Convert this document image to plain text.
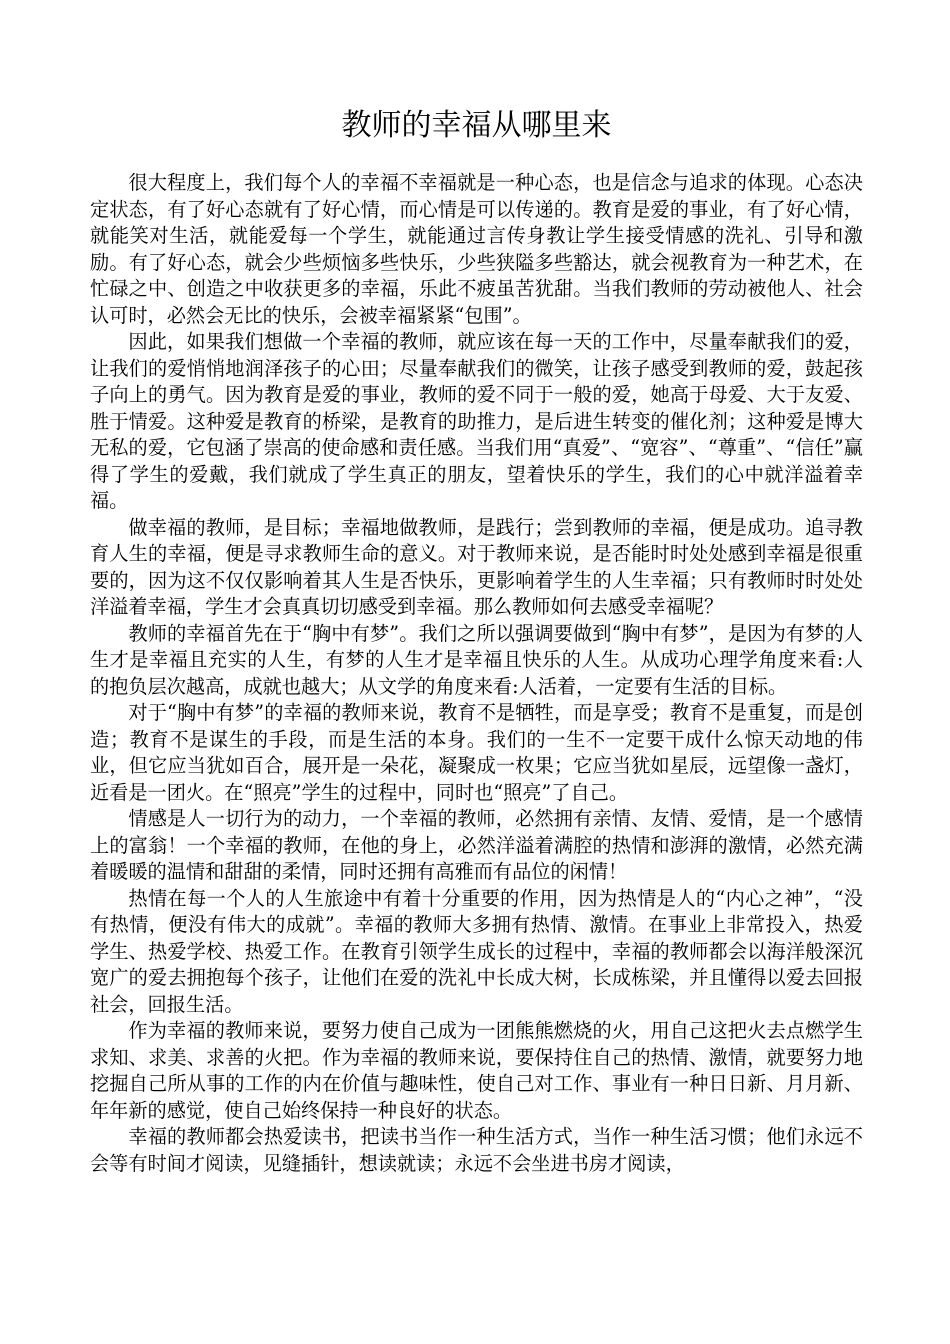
教师的幸福从哪里来

很大程度上，我们每个人的幸福不幸福就是一种心态，也是信念与追求的体现。心态决定状态，有了好心态就有了好心情，而心情是可以传递的。教育是爱的事业，有了好心情，就能笑对生活，就能爱每一个学生，就能通过言传身教让学生接受情感的洗礼、引导和激励。有了好心态，就会少些烦恼多些快乐，少些狭隘多些豁达，就会视教育为一种艺术，在忙碌之中、创造之中收获更多的幸福，乐此不疲虽苦犹甜。当我们教师的劳动被他人、社会认可时，必然会无比的快乐，会被幸福紧紧“包围”。

因此，如果我们想做一个幸福的教师，就应该在每一天的工作中，尽量奉献我们的爱，让我们的爱悄悄地润泽孩子的心田；尽量奉献我们的微笑，让孩子感受到教师的爱，鼓起孩子向上的勇气。因为教育是爱的事业，教师的爱不同于一般的爱，她高于母爱、大于友爱、胜于情爱。这种爱是教育的桥梁，是教育的助推力，是后进生转变的催化剂；这种爱是博大无私的爱，它包涵了崇高的使命感和责任感。当我们用“真爱”、“宽容”、“尊重”、“信任”赢得了学生的爱戴，我们就成了学生真正的朋友，望着快乐的学生，我们的心中就洋溢着幸福。

做幸福的教师，是目标；幸福地做教师，是践行；尝到教师的幸福，便是成功。追寻教育人生的幸福，便是寻求教师生命的意义。对于教师来说，是否能时时处处感到幸福是很重要的，因为这不仅仅影响着其人生是否快乐，更影响着学生的人生幸福；只有教师时时处处洋溢着幸福，学生才会真真切切感受到幸福。那么教师如何去感受幸福呢？

教师的幸福首先在于“胸中有梦”。我们之所以强调要做到“胸中有梦”，是因为有梦的人生才是幸福且充实的人生，有梦的人生才是幸福且快乐的人生。从成功心理学角度来看:人的抱负层次越高，成就也越大；从文学的角度来看:人活着，一定要有生活的目标。

对于“胸中有梦”的幸福的教师来说，教育不是牺牲，而是享受；教育不是重复，而是创造；教育不是谋生的手段，而是生活的本身。我们的一生不一定要干成什么惊天动地的伟业，但它应当犹如百合，展开是一朵花，凝聚成一枚果；它应当犹如星辰，远望像一盏灯，近看是一团火。在“照亮”学生的过程中，同时也“照亮”了自己。

情感是人一切行为的动力，一个幸福的教师，必然拥有亲情、友情、爱情，是一个感情上的富翁！一个幸福的教师，在他的身上，必然洋溢着满腔的热情和澎湃的激情，必然充满着暖暖的温情和甜甜的柔情，同时还拥有高雅而有品位的闲情！

热情在每一个人的人生旅途中有着十分重要的作用，因为热情是人的“内心之神”，“没有热情，便没有伟大的成就”。幸福的教师大多拥有热情、激情。在事业上非常投入，热爱学生、热爱学校、热爱工作。在教育引领学生成长的过程中，幸福的教师都会以海洋般深沉宽广的爱去拥抱每个孩子，让他们在爱的洗礼中长成大树，长成栋梁，并且懂得以爱去回报社会，回报生活。

作为幸福的教师来说，要努力使自己成为一团熊熊燃烧的火，用自己这把火去点燃学生求知、求美、求善的火把。作为幸福的教师来说，要保持住自己的热情、激情，就要努力地挖掘自己所从事的工作的内在价值与趣味性，使自己对工作、事业有一种日日新、月月新、年年新的感觉，使自己始终保持一种良好的状态。

幸福的教师都会热爱读书，把读书当作一种生活方式，当作一种生活习惯；他们永远不会等有时间才阅读，见缝插针，想读就读；永远不会坐进书房才阅读，
